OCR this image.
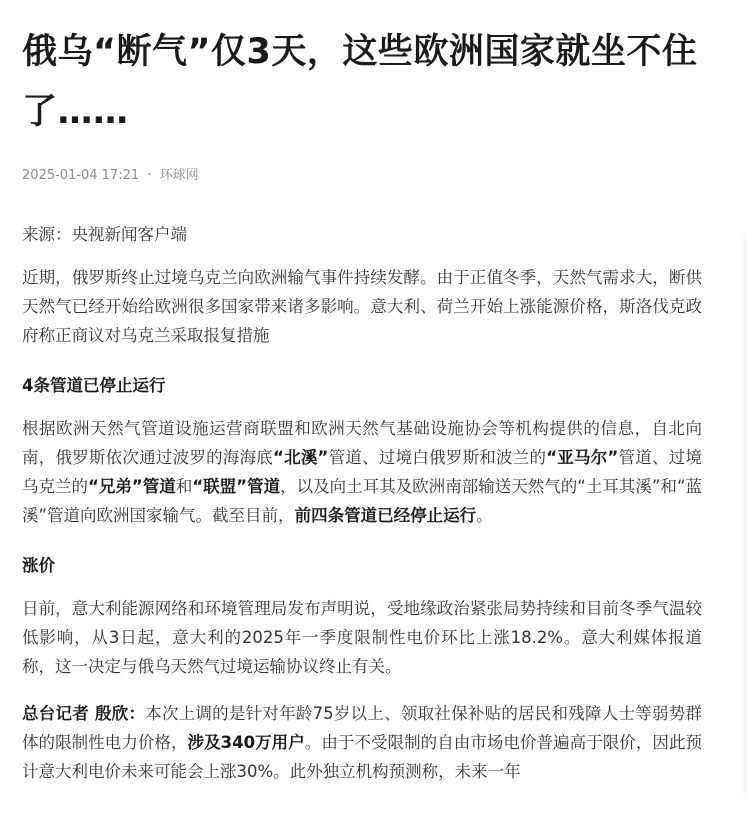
俄乌“断气”仅3天，这些欧洲国家就坐不住了……
2025-01-04 17:21 · 环球网
来源：央视新闻客户端

近期，俄罗斯终止过境乌克兰向欧洲输气事件持续发酵。由于正值冬季，天然气需求大，断供天然气已经开始给欧洲很多国家带来诸多影响。意大利、荷兰开始上涨能源价格，斯洛伐克政府称正商议对乌克兰采取报复措施

4条管道已停止运行

根据欧洲天然气管道设施运营商联盟和欧洲天然气基础设施协会等机构提供的信息，自北向南，俄罗斯依次通过波罗的海海底“北溪”管道、过境白俄罗斯和波兰的“亚马尔”管道、过境乌克兰的“兄弟”管道和“联盟”管道，以及向土耳其及欧洲南部输送天然气的“土耳其溪”和“蓝溪”管道向欧洲国家输气。截至目前，前四条管道已经停止运行。

涨价

日前，意大利能源网络和环境管理局发布声明说，受地缘政治紧张局势持续和目前冬季气温较低影响，从3日起，意大利的2025年一季度限制性电价环比上涨18.2%。意大利媒体报道称，这一决定与俄乌天然气过境运输协议终止有关。

总台记者 殷欣：本次上调的是针对年龄75岁以上、领取社保补贴的居民和残障人士等弱势群体的限制性电力价格，涉及340万用户。由于不受限制的自由市场电价普遍高于限价，因此预计意大利电价未来可能会上涨30%。此外独立机构预测称，未来一年
